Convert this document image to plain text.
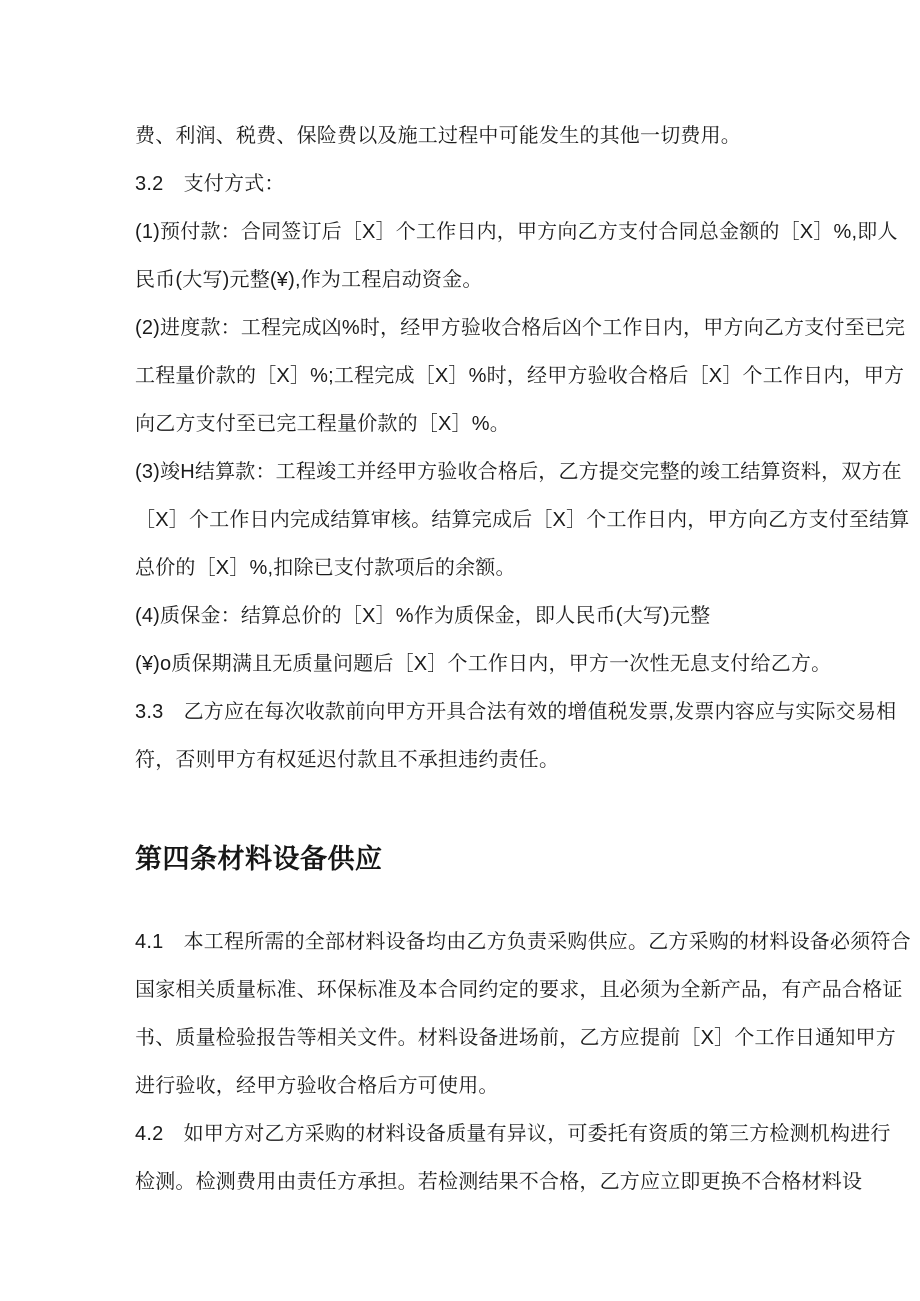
费、利润、税费、保险费以及施工过程中可能发生的其他一切费用。
3.2　支付方式：
(1)预付款：合同签订后［X］个工作日内，甲方向乙方支付合同总金额的［X］%,即人
民币(大写)元整(¥),作为工程启动资金。
(2)进度款：工程完成凶%时，经甲方验收合格后凶个工作日内，甲方向乙方支付至已完
工程量价款的［X］%;工程完成［X］%时，经甲方验收合格后［X］个工作日内，甲方
向乙方支付至已完工程量价款的［X］%。
(3)竣H结算款：工程竣工并经甲方验收合格后，乙方提交完整的竣工结算资料，双方在
［X］个工作日内完成结算审核。结算完成后［X］个工作日内，甲方向乙方支付至结算
总价的［X］%,扣除已支付款项后的余额。
(4)质保金：结算总价的［X］%作为质保金，即人民币(大写)元整
(¥)o质保期满且无质量问题后［X］个工作日内，甲方一次性无息支付给乙方。
3.3　乙方应在每次收款前向甲方开具合法有效的增值税发票,发票内容应与实际交易相
符，否则甲方有权延迟付款且不承担违约责任。
第四条材料设备供应
4.1　本工程所需的全部材料设备均由乙方负责采购供应。乙方采购的材料设备必须符合
国家相关质量标准、环保标准及本合同约定的要求，且必须为全新产品，有产品合格证
书、质量检验报告等相关文件。材料设备进场前，乙方应提前［X］个工作日通知甲方
进行验收，经甲方验收合格后方可使用。
4.2　如甲方对乙方采购的材料设备质量有异议，可委托有资质的第三方检测机构进行
检测。检测费用由责任方承担。若检测结果不合格，乙方应立即更换不合格材料设
